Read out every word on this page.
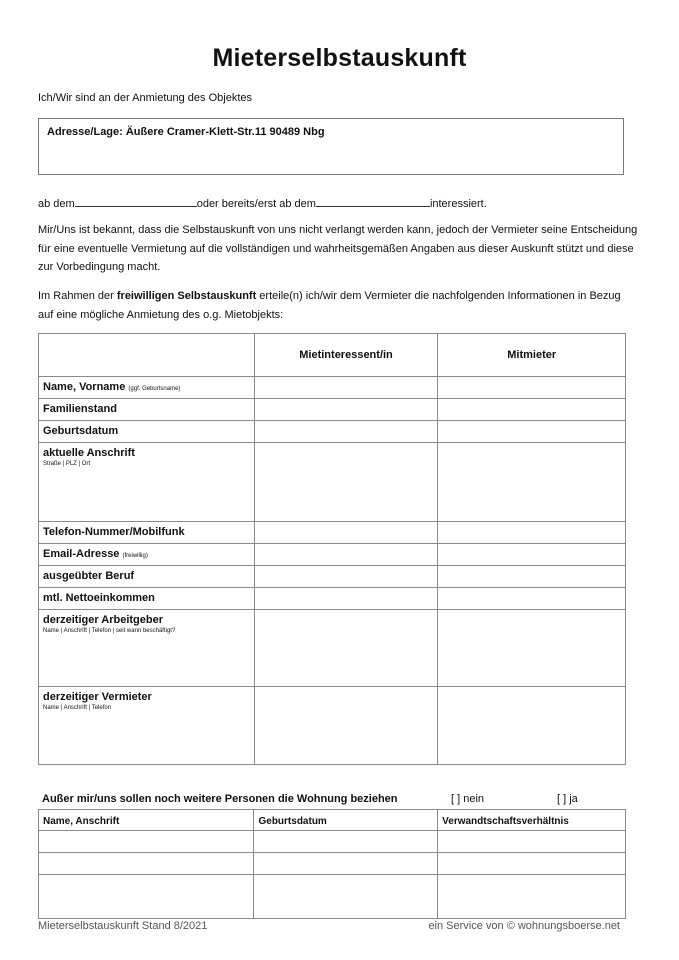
Mieterselbstauskunft
Ich/Wir sind an der Anmietung des Objektes
Adresse/Lage: Äußere Cramer-Klett-Str.11 90489 Nbg
ab dem	oder bereits/erst ab dem	interessiert.
Mir/Uns ist bekannt, dass die Selbstauskunft von uns nicht verlangt werden kann, jedoch der Vermieter seine Entscheidung für eine eventuelle Vermietung auf die vollständigen und wahrheitsgemäßen Angaben aus dieser Auskunft stützt und diese zur Vorbedingung macht.
Im Rahmen der freiwilligen Selbstauskunft erteile(n) ich/wir dem Vermieter die nachfolgenden Informationen in Bezug auf eine mögliche Anmietung des o.g. Mietobjekts:
	Mietinteressent/in	Mitmieter
Name, Vorname (ggf. Geburtsname)		
Familienstand		
Geburtsdatum		
aktuelle Anschrift
Straße | PLZ | Ort		

Telefon-Nummer/Mobilfunk		
Email-Adresse (freiwillig)		
ausgeübter Beruf		
mtl. Nettoeinkommen		
derzeitiger Arbeitgeber
Name | Anschrift | Telefon | seit wann beschäftigt?		

derzeitiger Vermieter
Name | Anschrift | Telefon		

Außer mir/uns sollen noch weitere Personen die Wohnung beziehen	[ ] nein	[ ] ja
Name, Anschrift	Geburtsdatum	Verwandtschaftsverhältnis

Mieterselbstauskunft Stand 8/2021	ein Service von © wohnungsboerse.net
